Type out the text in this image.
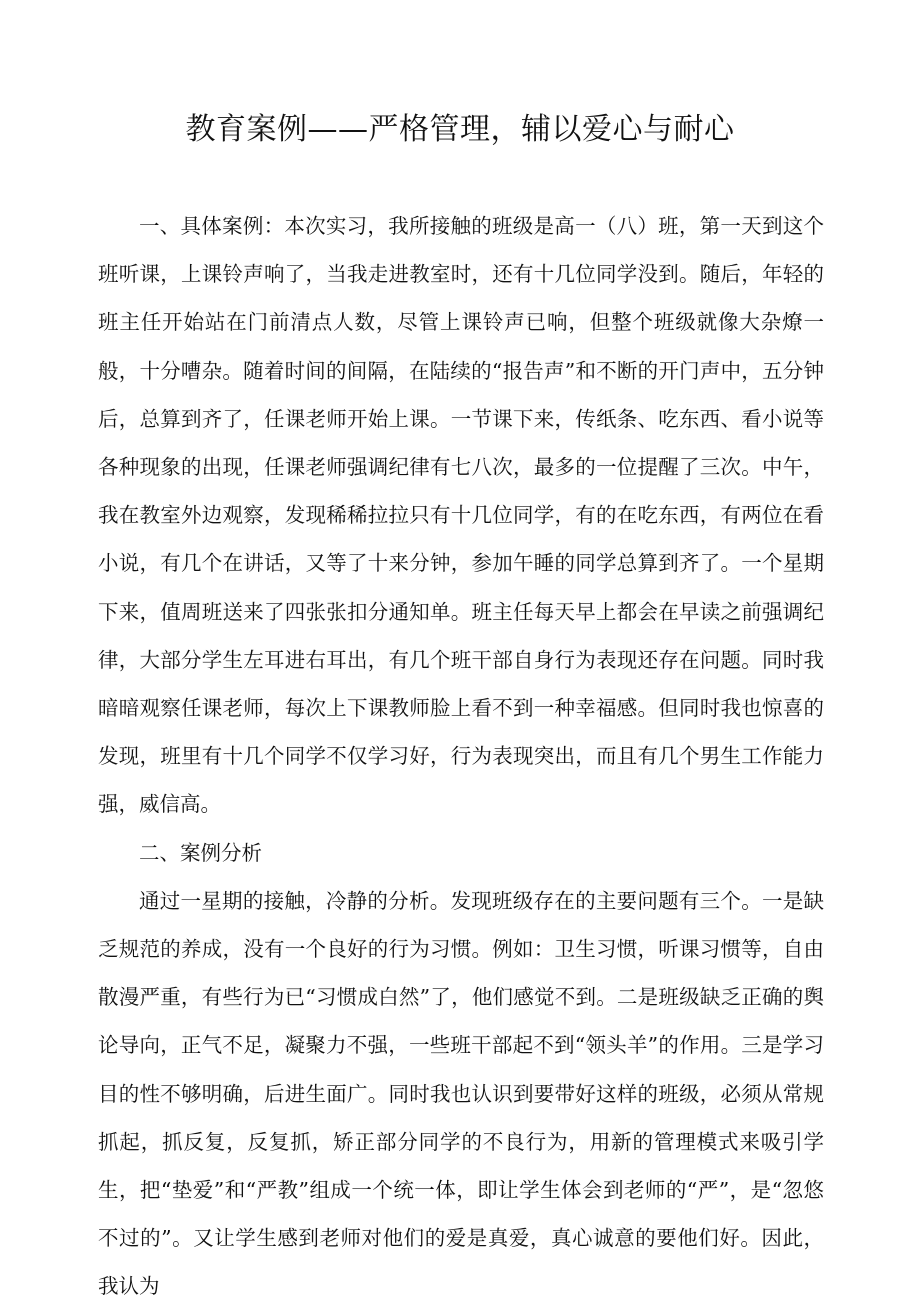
教育案例——严格管理，辅以爱心与耐心

一、具体案例：本次实习，我所接触的班级是高一（八）班，第一天到这个班听课，上课铃声响了，当我走进教室时，还有十几位同学没到。随后，年轻的班主任开始站在门前清点人数，尽管上课铃声已响，但整个班级就像大杂燎一般，十分嘈杂。随着时间的间隔，在陆续的“报告声”和不断的开门声中，五分钟后，总算到齐了，任课老师开始上课。一节课下来，传纸条、吃东西、看小说等各种现象的出现，任课老师强调纪律有七八次，最多的一位提醒了三次。中午，我在教室外边观察，发现稀稀拉拉只有十几位同学，有的在吃东西，有两位在看小说，有几个在讲话，又等了十来分钟，参加午睡的同学总算到齐了。一个星期下来，值周班送来了四张张扣分通知单。班主任每天早上都会在早读之前强调纪律，大部分学生左耳进右耳出，有几个班干部自身行为表现还存在问题。同时我暗暗观察任课老师，每次上下课教师脸上看不到一种幸福感。但同时我也惊喜的发现，班里有十几个同学不仅学习好，行为表现突出，而且有几个男生工作能力强，威信高。

二、案例分析

通过一星期的接触，冷静的分析。发现班级存在的主要问题有三个。一是缺乏规范的养成，没有一个良好的行为习惯。例如：卫生习惯，听课习惯等，自由散漫严重，有些行为已“习惯成白然”了，他们感觉不到。二是班级缺乏正确的舆论导向，正气不足，凝聚力不强，一些班干部起不到“领头羊”的作用。三是学习目的性不够明确，后进生面广。同时我也认识到要带好这样的班级，必须从常规抓起，抓反复，反复抓，矫正部分同学的不良行为，用新的管理模式来吸引学生，把“垫爱”和“严教”组成一个统一体，即让学生体会到老师的“严”，是“忽悠不过的”。又让学生感到老师对他们的爱是真爱，真心诚意的要他们好。因此，我认为
